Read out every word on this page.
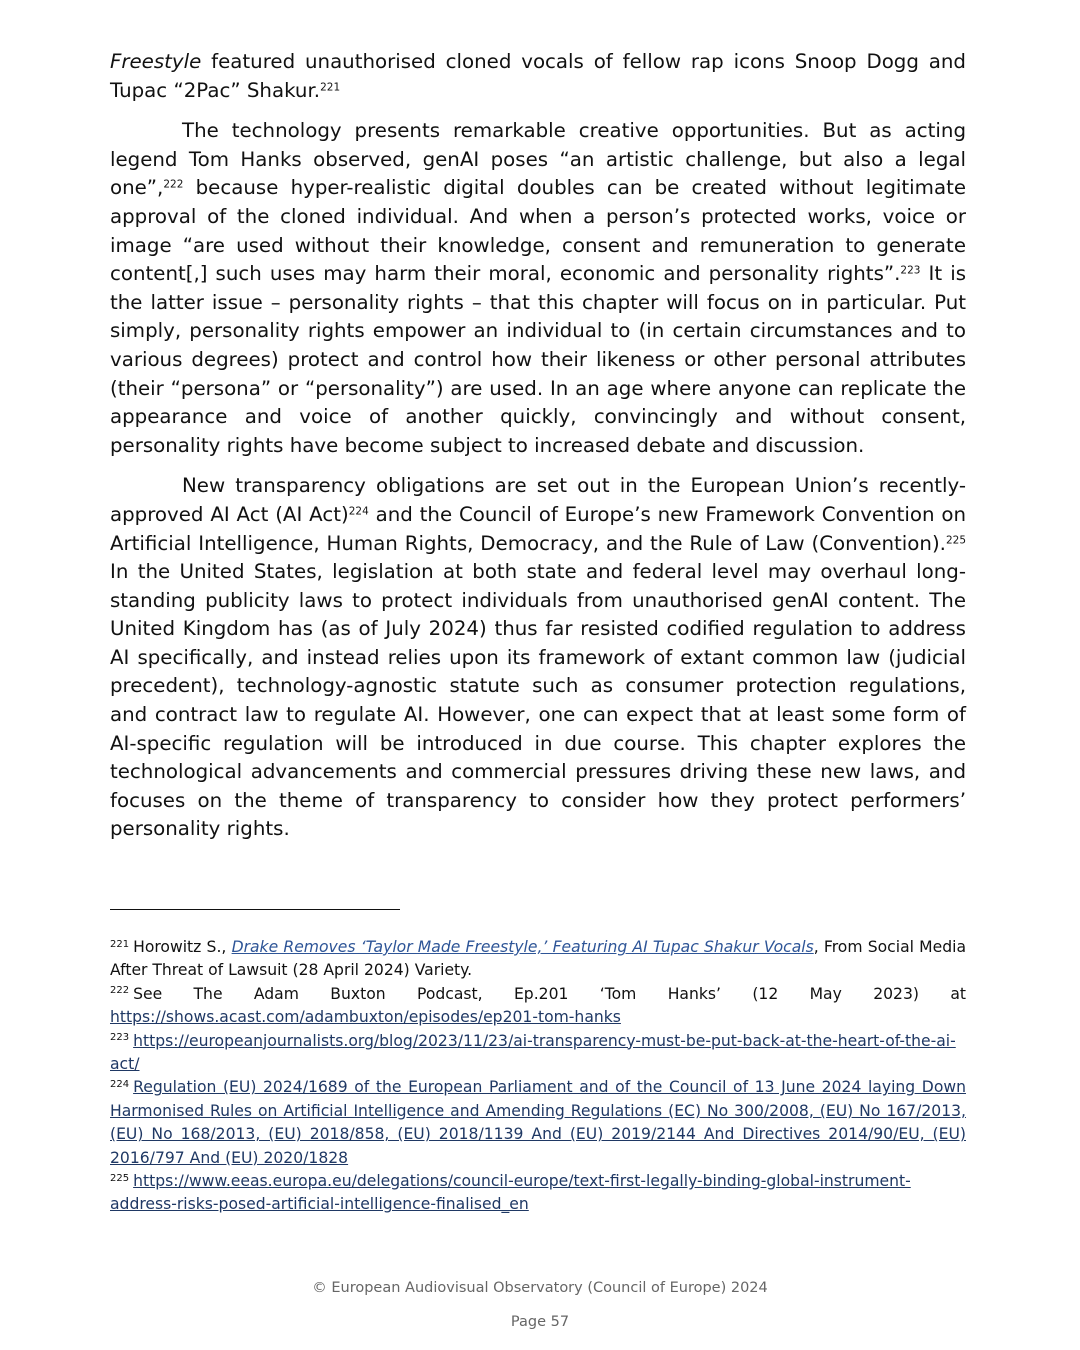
Freestyle featured unauthorised cloned vocals of fellow rap icons Snoop Dogg and Tupac “2Pac” Shakur.$^{221}$

The technology presents remarkable creative opportunities. But as acting legend Tom Hanks observed, genAI poses “an artistic challenge, but also a legal one”,$^{222}$ because hyper-realistic digital doubles can be created without legitimate approval of the cloned individual. And when a person’s protected works, voice or image “are used without their knowledge, consent and remuneration to generate content[,] such uses may harm their moral, economic and personality rights”.$^{223}$ It is the latter issue – personality rights – that this chapter will focus on in particular. Put simply, personality rights empower an individual to (in certain circumstances and to various degrees) protect and control how their likeness or other personal attributes (their “persona” or “personality”) are used. In an age where anyone can replicate the appearance and voice of another quickly, convincingly and without consent, personality rights have become subject to increased debate and discussion.

New transparency obligations are set out in the European Union’s recently-approved AI Act (AI Act)$^{224}$ and the Council of Europe’s new Framework Convention on Artificial Intelligence, Human Rights, Democracy, and the Rule of Law (Convention).$^{225}$ In the United States, legislation at both state and federal level may overhaul long-standing publicity laws to protect individuals from unauthorised genAI content. The United Kingdom has (as of July 2024) thus far resisted codified regulation to address AI specifically, and instead relies upon its framework of extant common law (judicial precedent), technology-agnostic statute such as consumer protection regulations, and contract law to regulate AI. However, one can expect that at least some form of AI-specific regulation will be introduced in due course. This chapter explores the technological advancements and commercial pressures driving these new laws, and focuses on the theme of transparency to consider how they protect performers’ personality rights.

$^{221}$ Horowitz S., Drake Removes ‘Taylor Made Freestyle,’ Featuring AI Tupac Shakur Vocals, From Social Media After Threat of Lawsuit (28 April 2024) Variety.

$^{222}$ See The Adam Buxton Podcast, Ep.201 ‘Tom Hanks’ (12 May 2023) at

https://shows.acast.com/adambuxton/episodes/ep201-tom-hanks

$^{223}$ https://europeanjournalists.org/blog/2023/11/23/ai-transparency-must-be-put-back-at-the-heart-of-the-ai-act/

$^{224}$ Regulation (EU) 2024/1689 of the European Parliament and of the Council of 13 June 2024 laying Down Harmonised Rules on Artificial Intelligence and Amending Regulations (EC) No 300/2008, (EU) No 167/2013, (EU) No 168/2013, (EU) 2018/858, (EU) 2018/1139 And (EU) 2019/2144 And Directives 2014/90/EU, (EU) 2016/797 And (EU) 2020/1828

$^{225}$ https://www.eeas.europa.eu/delegations/council-europe/text-first-legally-binding-global-instrument-address-risks-posed-artificial-intelligence-finalised_en

© European Audiovisual Observatory (Council of Europe) 2024
Page 57
